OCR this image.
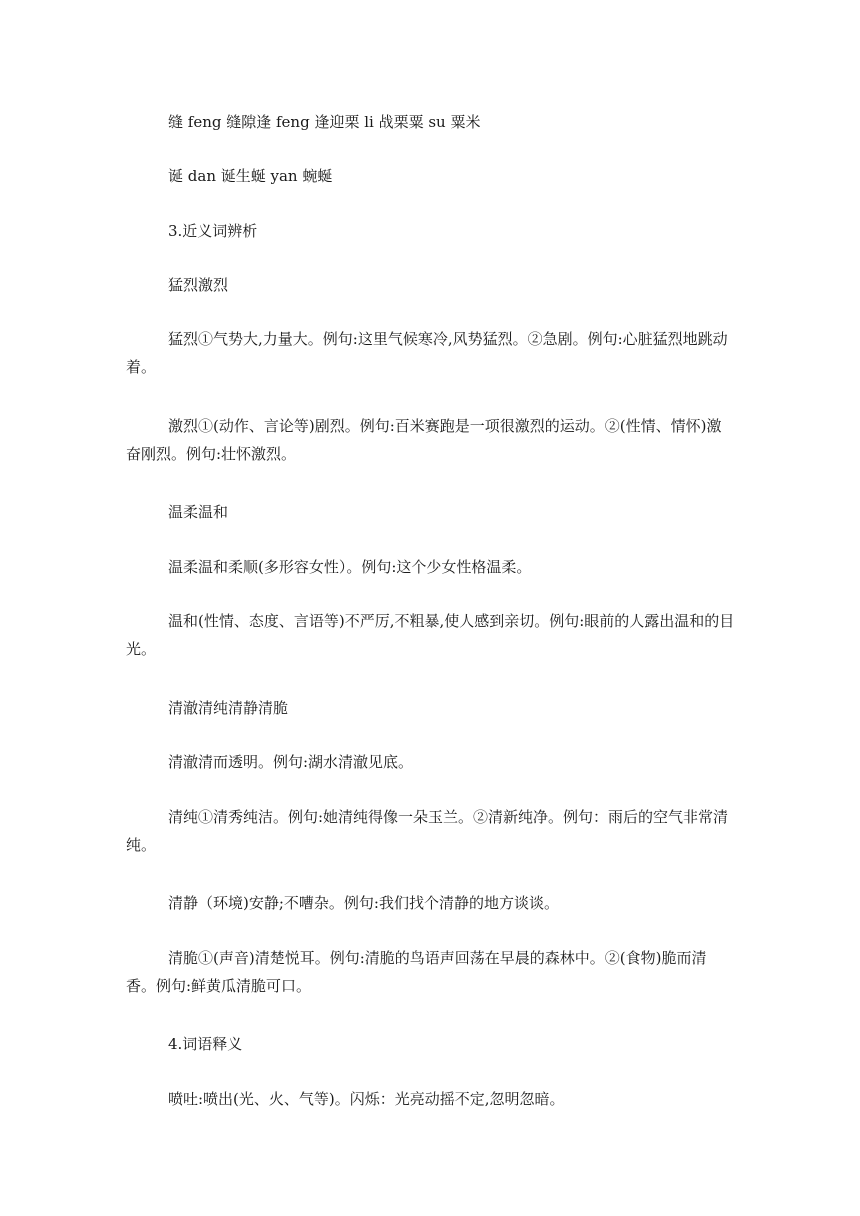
缝 feng 缝隙逢 feng 逢迎栗 li 战栗粟 su 粟米

诞 dan 诞生蜒 yan 蜿蜒

3.近义词辨析

猛烈激烈

猛烈①气势大,力量大。例句:这里气候寒冷,风势猛烈。②急剧。例句:心脏猛烈地跳动着。

激烈①(动作、言论等)剧烈。例句:百米赛跑是一项很激烈的运动。②(性情、情怀)激奋刚烈。例句:壮怀激烈。

温柔温和

温柔温和柔顺(多形容女性）。例句:这个少女性格温柔。

温和(性情、态度、言语等)不严厉,不粗暴,使人感到亲切。例句:眼前的人露出温和的目光。

清澈清纯清静清脆

清澈清而透明。例句:湖水清澈见底。

清纯①清秀纯洁。例句:她清纯得像一朵玉兰。②清新纯净。例句：雨后的空气非常清纯。

清静（环境)安静;不嘈杂。例句:我们找个清静的地方谈谈。

清脆①(声音)清楚悦耳。例句:清脆的鸟语声回荡在早晨的森林中。②(食物)脆而清香。例句:鲜黄瓜清脆可口。

4.词语释义

喷吐:喷出(光、火、气等)。闪烁：光亮动摇不定,忽明忽暗。
